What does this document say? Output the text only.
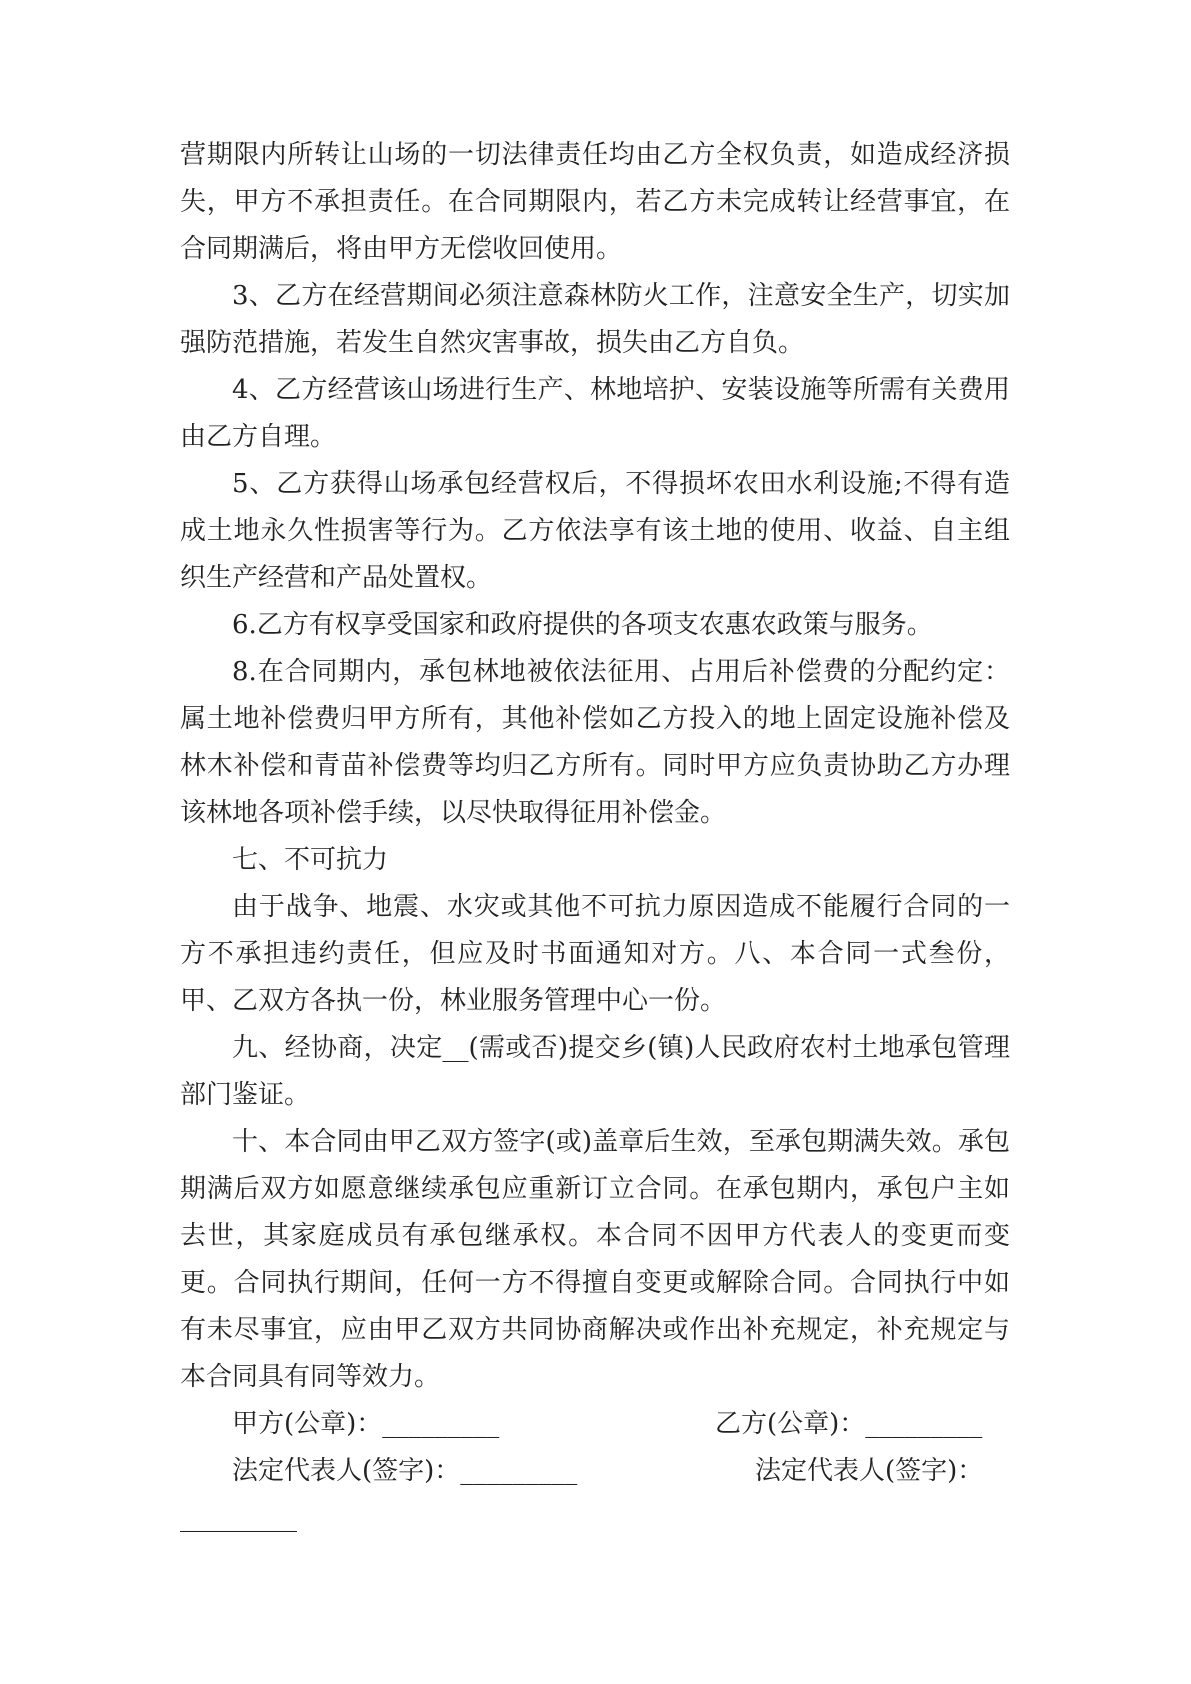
营期限内所转让山场的一切法律责任均由乙方全权负责，如造成经济损失，甲方不承担责任。在合同期限内，若乙方未完成转让经营事宜，在合同期满后，将由甲方无偿收回使用。

3、乙方在经营期间必须注意森林防火工作，注意安全生产，切实加强防范措施，若发生自然灾害事故，损失由乙方自负。

4、乙方经营该山场进行生产、林地培护、安装设施等所需有关费用由乙方自理。

5、乙方获得山场承包经营权后，不得损坏农田水利设施;不得有造成土地永久性损害等行为。乙方依法享有该土地的使用、收益、自主组织生产经营和产品处置权。

6.乙方有权享受国家和政府提供的各项支农惠农政策与服务。

8.在合同期内，承包林地被依法征用、占用后补偿费的分配约定：属土地补偿费归甲方所有，其他补偿如乙方投入的地上固定设施补偿及林木补偿和青苗补偿费等均归乙方所有。同时甲方应负责协助乙方办理该林地各项补偿手续，以尽快取得征用补偿金。

七、不可抗力

由于战争、地震、水灾或其他不可抗力原因造成不能履行合同的一方不承担违约责任，但应及时书面通知对方。八、本合同一式叁份，甲、乙双方各执一份，林业服务管理中心一份。

九、经协商，决定__(需或否)提交乡(镇)人民政府农村土地承包管理部门鉴证。

十、本合同由甲乙双方签字(或)盖章后生效，至承包期满失效。承包期满后双方如愿意继续承包应重新订立合同。在承包期内，承包户主如去世，其家庭成员有承包继承权。本合同不因甲方代表人的变更而变更。合同执行期间，任何一方不得擅自变更或解除合同。合同执行中如有未尽事宜，应由甲乙双方共同协商解决或作出补充规定，补充规定与本合同具有同等效力。

甲方(公章)：_________	乙方(公章)：_________
法定代表人(签字)：_________	法定代表人(签字)：
_________
